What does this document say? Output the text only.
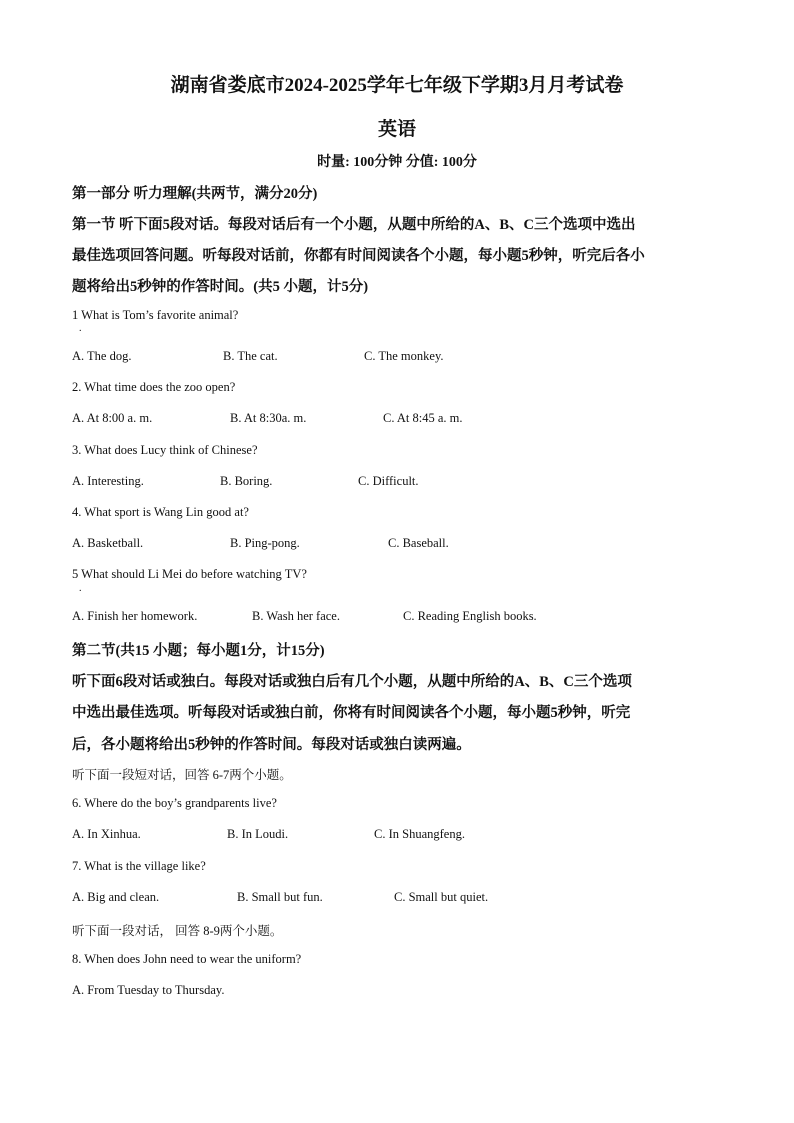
湖南省娄底市2024-2025学年七年级下学期3月月考试卷
英语
时量: 100分钟 分值: 100分
第一部分 听力理解(共两节，满分20分)
第一节 听下面5段对话。每段对话后有一个小题，从题中所给的A、B、C三个选项中选出
最佳选项回答问题。听每段对话前，你都有时间阅读各个小题，每小题5秒钟，听完后各小
题将给出5秒钟的作答时间。(共5 小题，计5分)
1 What is Tom’s favorite animal?
.
A. The dog.	B. The cat.	C. The monkey.
2. What time does the zoo open?
A. At 8:00 a. m.	B. At 8:30a. m.	C. At 8:45 a. m.
3. What does Lucy think of Chinese?
A. Interesting.	B. Boring.	C. Difficult.
4. What sport is Wang Lin good at?
A. Basketball.	B. Ping-pong.	C. Baseball.
5 What should Li Mei do before watching TV?
.
A. Finish her homework.	B. Wash her face.	C. Reading English books.
第二节(共15 小题；每小题1分，计15分)
听下面6段对话或独白。每段对话或独白后有几个小题，从题中所给的A、B、C三个选项
中选出最佳选项。听每段对话或独白前，你将有时间阅读各个小题，每小题5秒钟，听完
后，各小题将给出5秒钟的作答时间。每段对话或独白读两遍。
听下面一段短对话，回答 6-7两个小题。
6. Where do the boy’s grandparents live?
A. In Xinhua.	B. In Loudi.	C. In Shuangfeng.
7. What is the village like?
A. Big and clean.	B. Small but fun.	C. Small but quiet.
听下面一段对话， 回答 8-9两个小题。
8. When does John need to wear the uniform?
A. From Tuesday to Thursday.
